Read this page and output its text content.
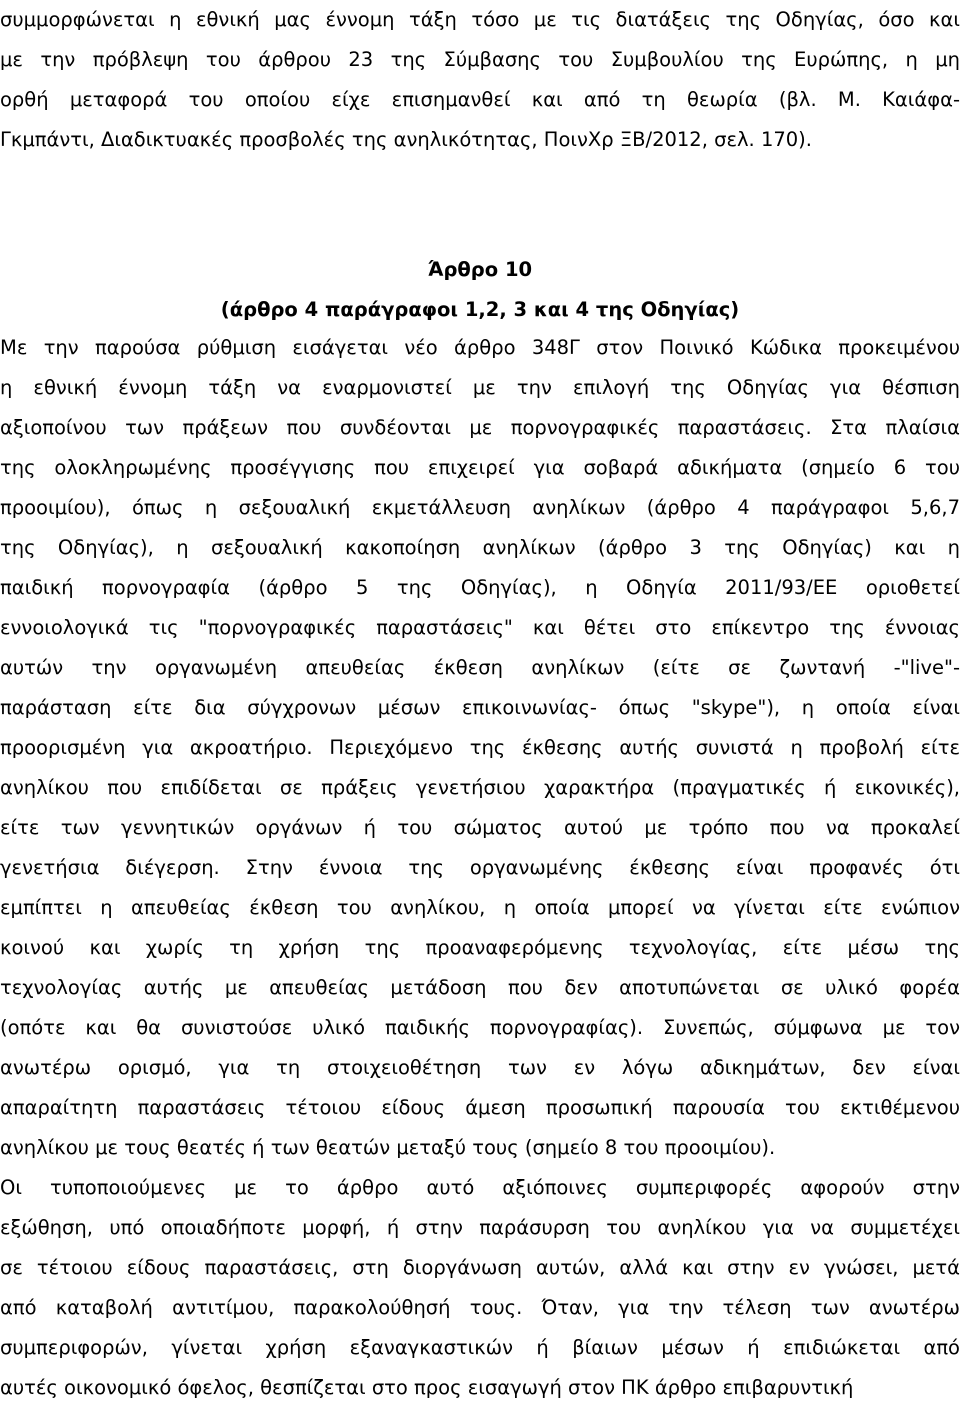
συμμορφώνεται η εθνική μας έννομη τάξη τόσο με τις διατάξεις της Οδηγίας, όσο και
με την πρόβλεψη του άρθρου 23 της Σύμβασης του Συμβουλίου της Ευρώπης, η μη
ορθή μεταφορά του οποίου είχε επισημανθεί και από τη θεωρία (βλ. Μ. Καιάφα-
Γκμπάντι, Διαδικτυακές προσβολές της ανηλικότητας, ΠοινΧρ ΞΒ/2012, σελ. 170).
Άρθρο 10
(άρθρο 4 παράγραφοι 1,2, 3 και 4 της Οδηγίας)
Με την παρούσα ρύθμιση εισάγεται νέο άρθρο 348Γ στον Ποινικό Κώδικα προκειμένου
η εθνική έννομη τάξη να εναρμονιστεί με την επιλογή της Οδηγίας για θέσπιση
αξιοποίνου των πράξεων που συνδέονται με πορνογραφικές παραστάσεις. Στα πλαίσια
της ολοκληρωμένης προσέγγισης που επιχειρεί για σοβαρά αδικήματα (σημείο 6 του
προοιμίου), όπως η σεξουαλική εκμετάλλευση ανηλίκων (άρθρο 4 παράγραφοι 5,6,7
της Οδηγίας), η σεξουαλική κακοποίηση ανηλίκων (άρθρο 3 της Οδηγίας) και η
παιδική πορνογραφία (άρθρο 5 της Οδηγίας), η Οδηγία 2011/93/ΕΕ οριοθετεί
εννοιολογικά τις "πορνογραφικές παραστάσεις" και θέτει στο επίκεντρο της έννοιας
αυτών την οργανωμένη απευθείας έκθεση ανηλίκων (είτε σε ζωντανή -"live"-
παράσταση είτε δια σύγχρονων μέσων επικοινωνίας- όπως "skype"), η οποία είναι
προορισμένη για ακροατήριο. Περιεχόμενο της έκθεσης αυτής συνιστά η προβολή είτε
ανηλίκου που επιδίδεται σε πράξεις γενετήσιου χαρακτήρα (πραγματικές ή εικονικές),
είτε των γεννητικών οργάνων ή του σώματος αυτού με τρόπο που να προκαλεί
γενετήσια διέγερση. Στην έννοια της οργανωμένης έκθεσης είναι προφανές ότι
εμπίπτει η απευθείας έκθεση του ανηλίκου, η οποία μπορεί να γίνεται είτε ενώπιον
κοινού και χωρίς τη χρήση της προαναφερόμενης τεχνολογίας, είτε μέσω της
τεχνολογίας αυτής με απευθείας μετάδοση που δεν αποτυπώνεται σε υλικό φορέα
(οπότε και θα συνιστούσε υλικό παιδικής πορνογραφίας). Συνεπώς, σύμφωνα με τον
ανωτέρω ορισμό, για τη στοιχειοθέτηση των εν λόγω αδικημάτων, δεν είναι
απαραίτητη παραστάσεις τέτοιου είδους άμεση προσωπική παρουσία του εκτιθέμενου
ανηλίκου με τους θεατές ή των θεατών μεταξύ τους (σημείο 8 του προοιμίου).
Οι τυποποιούμενες με το άρθρο αυτό αξιόποινες συμπεριφορές αφορούν στην
εξώθηση, υπό οποιαδήποτε μορφή, ή στην παράσυρση του ανηλίκου για να συμμετέχει
σε τέτοιου είδους παραστάσεις, στη διοργάνωση αυτών, αλλά και στην εν γνώσει, μετά
από καταβολή αντιτίμου, παρακολούθησή τους. Όταν, για την τέλεση των ανωτέρω
συμπεριφορών, γίνεται χρήση εξαναγκαστικών ή βίαιων μέσων ή επιδιώκεται από
αυτές οικονομικό όφελος, θεσπίζεται στο προς εισαγωγή στον ΠΚ άρθρο επιβαρυντική
